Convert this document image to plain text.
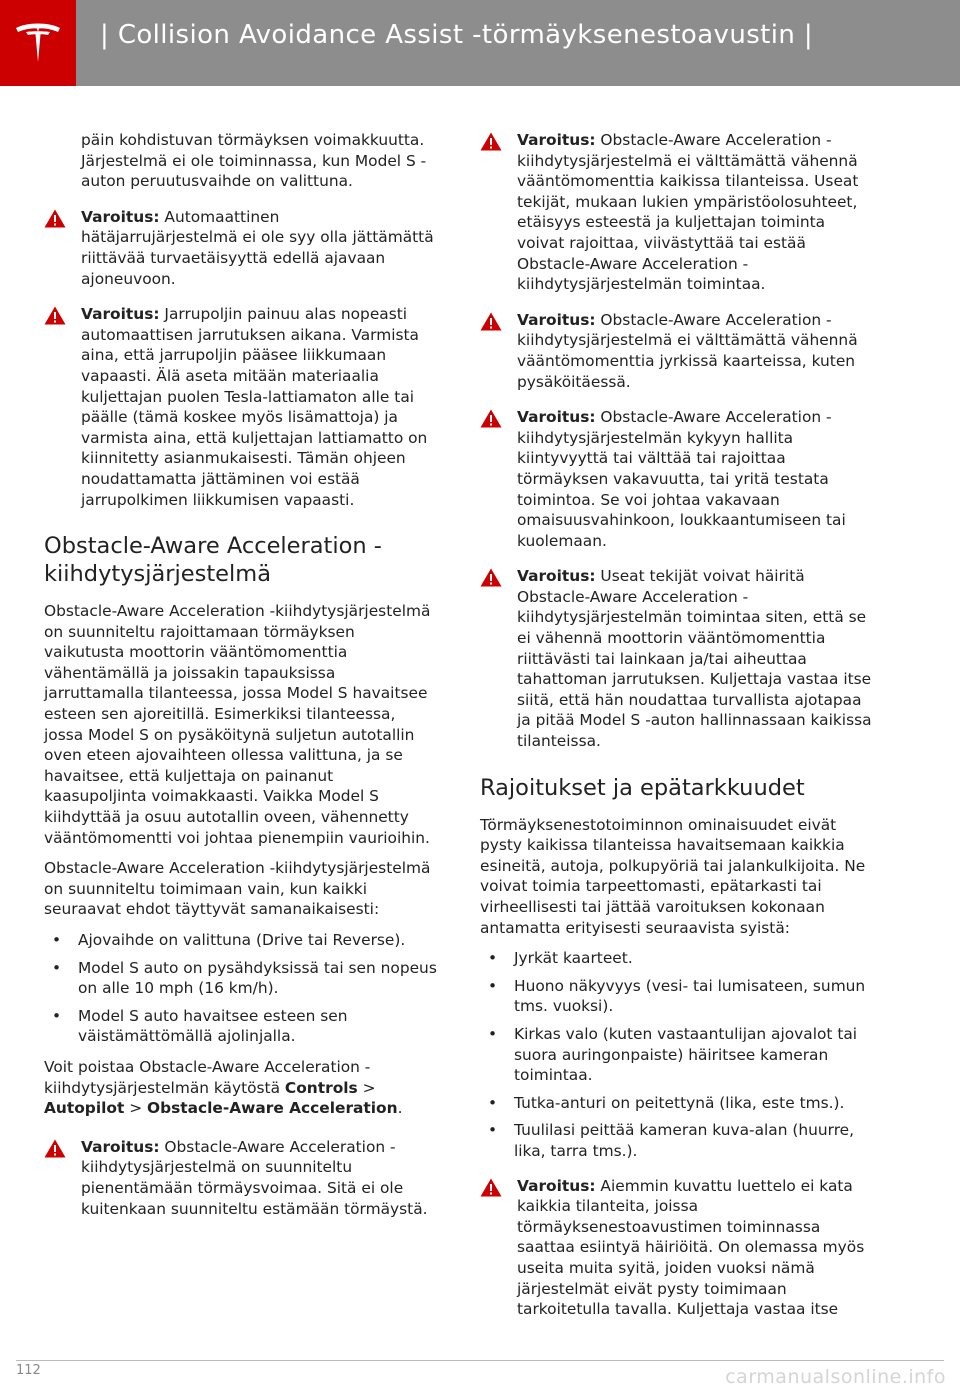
| Collision Avoidance Assist -törmäyksenestoavustin |

päin kohdistuvan törmäyksen voimakkuutta. Järjestelmä ei ole toiminnassa, kun Model S -auton peruutusvaihde on valittuna.

Varoitus: Automaattinen hätäjarrujärjestelmä ei ole syy olla jättämättä riittävää turvaetäisyyttä edellä ajavaan ajoneuvoon.
Varoitus: Jarrupoljin painuu alas nopeasti automaattisen jarrutuksen aikana. Varmista aina, että jarrupoljin pääsee liikkumaan vapaasti. Älä aseta mitään materiaalia kuljettajan puolen Tesla-lattiamaton alle tai päälle (tämä koskee myös lisämattoja) ja varmista aina, että kuljettajan lattiamatto on kiinnitetty asianmukaisesti. Tämän ohjeen noudattamatta jättäminen voi estää jarrupolkimen liikkumisen vapaasti.
Obstacle-Aware Acceleration -kiihdytysjärjestelmä

Obstacle-Aware Acceleration -kiihdytysjärjestelmä on suunniteltu rajoittamaan törmäyksen vaikutusta moottorin vääntömomenttia vähentämällä ja joissakin tapauksissa jarruttamalla tilanteessa, jossa Model S havaitsee esteen sen ajoreitillä. Esimerkiksi tilanteessa, jossa Model S on pysäköitynä suljetun autotallin oven eteen ajovaihteen ollessa valittuna, ja se havaitsee, että kuljettaja on painanut kaasupoljinta voimakkaasti. Vaikka Model S kiihdyttää ja osuu autotallin oveen, vähennetty vääntömomentti voi johtaa pienempiin vaurioihin.

Obstacle-Aware Acceleration -kiihdytysjärjestelmä on suunniteltu toimimaan vain, kun kaikki seuraavat ehdot täyttyvät samanaikaisesti:

• Ajovaihde on valittuna (Drive tai Reverse).
• Model S auto on pysähdyksissä tai sen nopeus on alle 10 mph (16 km/h).
• Model S auto havaitsee esteen sen väistämättömällä ajolinjalla.

Voit poistaa Obstacle-Aware Acceleration -kiihdytysjärjestelmän käytöstä Controls > Autopilot > Obstacle-Aware Acceleration.

Varoitus: Obstacle-Aware Acceleration -kiihdytysjärjestelmä on suunniteltu pienentämään törmäysvoimaa. Sitä ei ole kuitenkaan suunniteltu estämään törmäystä.
Varoitus: Obstacle-Aware Acceleration -kiihdytysjärjestelmä ei välttämättä vähennä vääntömomenttia kaikissa tilanteissa. Useat tekijät, mukaan lukien ympäristöolosuhteet, etäisyys esteestä ja kuljettajan toiminta voivat rajoittaa, viivästyttää tai estää Obstacle-Aware Acceleration -kiihdytysjärjestelmän toimintaa.
Varoitus: Obstacle-Aware Acceleration -kiihdytysjärjestelmä ei välttämättä vähennä vääntömomenttia jyrkissä kaarteissa, kuten pysäköitäessä.
Varoitus: Obstacle-Aware Acceleration -kiihdytysjärjestelmän kykyyn hallita kiintyvyyttä tai välttää tai rajoittaa törmäyksen vakavuutta, tai yritä testata toimintoa. Se voi johtaa vakavaan omaisuusvahinkoon, loukkaantumiseen tai kuolemaan.
Varoitus: Useat tekijät voivat häiritä Obstacle-Aware Acceleration -kiihdytysjärjestelmän toimintaa siten, että se ei vähennä moottorin vääntömomenttia riittävästi tai lainkaan ja/tai aiheuttaa tahattoman jarrutuksen. Kuljettaja vastaa itse siitä, että hän noudattaa turvallista ajotapaa ja pitää Model S -auton hallinnassaan kaikissa tilanteissa.
Rajoitukset ja epätarkkuudet

Törmäyksenestotoiminnon ominaisuudet eivät pysty kaikissa tilanteissa havaitsemaan kaikkia esineitä, autoja, polkupyöriä tai jalankulkijoita. Ne voivat toimia tarpeettomasti, epätarkasti tai virheellisesti tai jättää varoituksen kokonaan antamatta erityisesti seuraavista syistä:

• Jyrkät kaarteet.
• Huono näkyvyys (vesi- tai lumisateen, sumun tms. vuoksi).
• Kirkas valo (kuten vastaantulijan ajovalot tai suora auringonpaiste) häiritsee kameran toimintaa.
• Tutka-anturi on peitettynä (lika, este tms.).
• Tuulilasi peittää kameran kuva-alan (huurre, lika, tarra tms.).
Varoitus: Aiemmin kuvattu luettelo ei kata kaikkia tilanteita, joissa törmäyksenestoavustimen toiminnassa saattaa esiintyä häiriöitä. On olemassa myös useita muita syitä, joiden vuoksi nämä järjestelmät eivät pysty toimimaan tarkoitetulla tavalla. Kuljettaja vastaa itse
112	carmanualsonline.info
